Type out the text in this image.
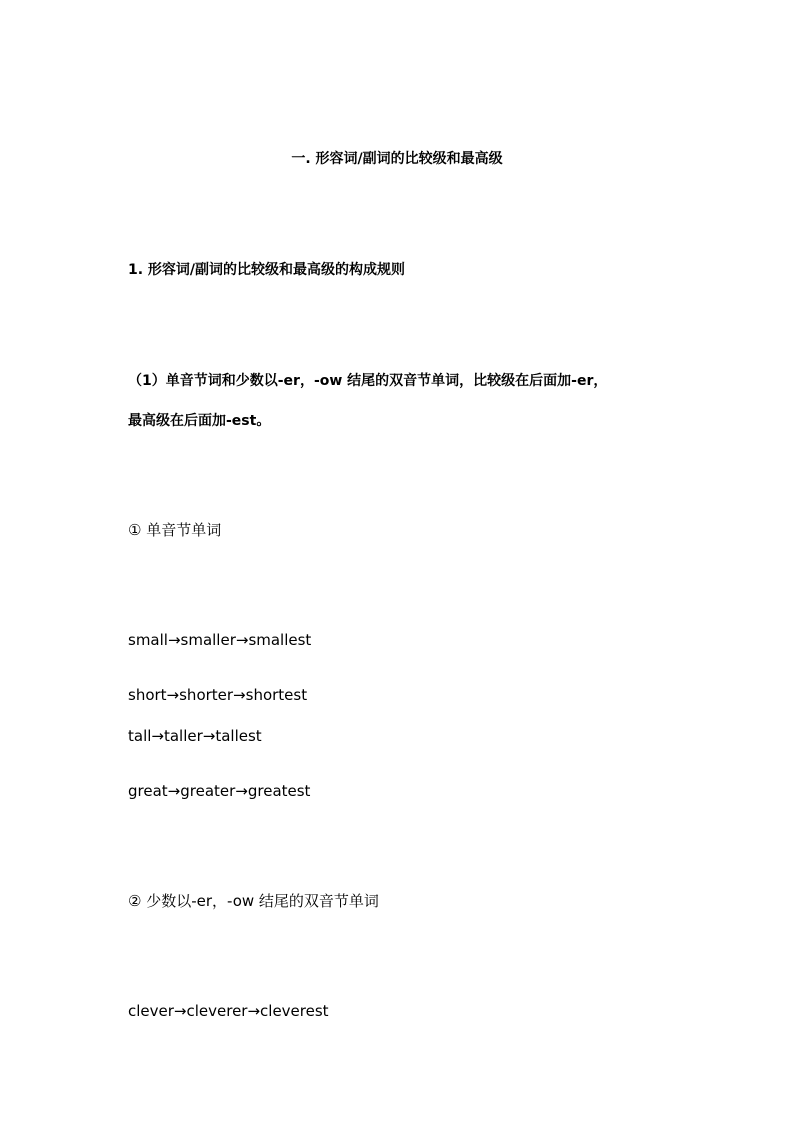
一. 形容词/副词的比较级和最高级
1. 形容词/副词的比较级和最高级的构成规则
（1）单音节词和少数以-er，-ow 结尾的双音节单词，比较级在后面加-er，
最高级在后面加-est。
① 单音节单词
small→smaller→smallest
short→shorter→shortest
tall→taller→tallest
great→greater→greatest
② 少数以-er，-ow 结尾的双音节单词
clever→cleverer→cleverest
